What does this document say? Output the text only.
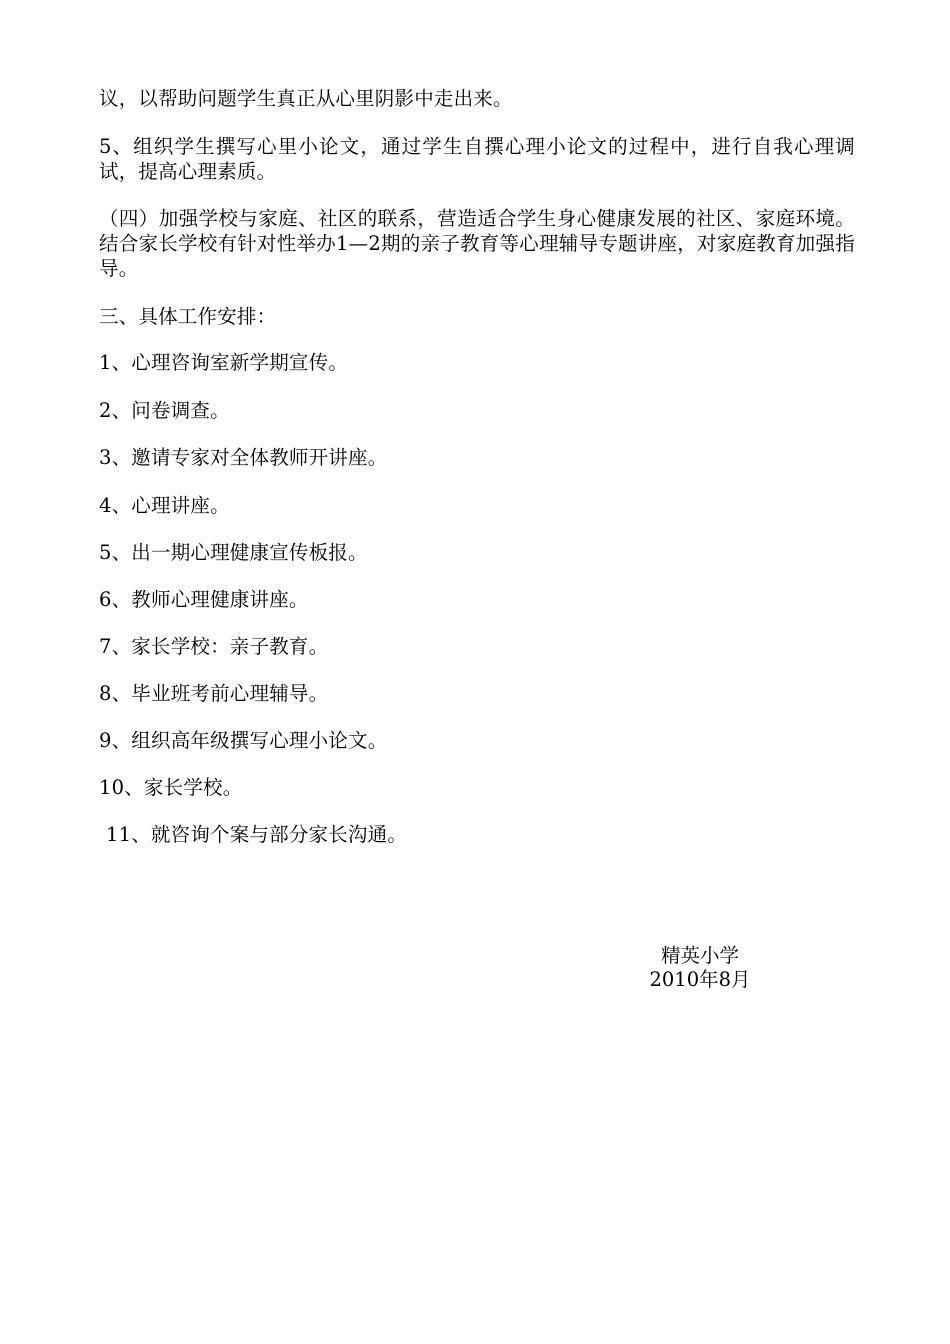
议，以帮助问题学生真正从心里阴影中走出来。
5、组织学生撰写心里小论文，通过学生自撰心理小论文的过程中，进行自我心理调试，提高心理素质。
（四）加强学校与家庭、社区的联系，营造适合学生身心健康发展的社区、家庭环境。结合家长学校有针对性举办1—2期的亲子教育等心理辅导专题讲座，对家庭教育加强指导。
三、具体工作安排：
1、心理咨询室新学期宣传。
2、问卷调查。
3、邀请专家对全体教师开讲座。
4、心理讲座。
5、出一期心理健康宣传板报。
6、教师心理健康讲座。
7、家长学校：亲子教育。
8、毕业班考前心理辅导。
9、组织高年级撰写心理小论文。
10、家长学校。
11、就咨询个案与部分家长沟通。
精英小学
2010年8月
